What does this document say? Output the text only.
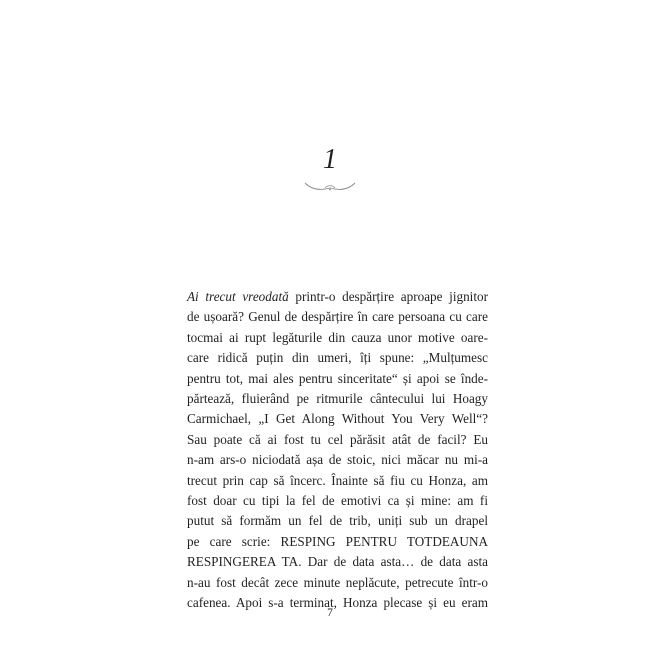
1
Ai trecut vreodată printr-o despărțire aproape jignitor
de ușoară? Genul de despărțire în care persoana cu care
tocmai ai rupt legăturile din cauza unor motive oare-
care ridică puțin din umeri, îți spune: „Mulțumesc
pentru tot, mai ales pentru sinceritate“ și apoi se înde-
părtează, fluierând pe ritmurile cântecului lui Hoagy
Carmichael, „I Get Along Without You Very Well“?
Sau poate că ai fost tu cel părăsit atât de facil? Eu
n-am ars-o niciodată așa de stoic, nici măcar nu mi-a
trecut prin cap să încerc. Înainte să fiu cu Honza, am
fost doar cu tipi la fel de emotivi ca și mine: am fi
putut să formăm un fel de trib, uniți sub un drapel
pe care scrie: RESPING PENTRU TOTDEAUNA
RESPINGEREA TA. Dar de data asta… de data asta
n-au fost decât zece minute neplăcute, petrecute într-o
cafenea. Apoi s-a terminat, Honza plecase și eu eram
7
